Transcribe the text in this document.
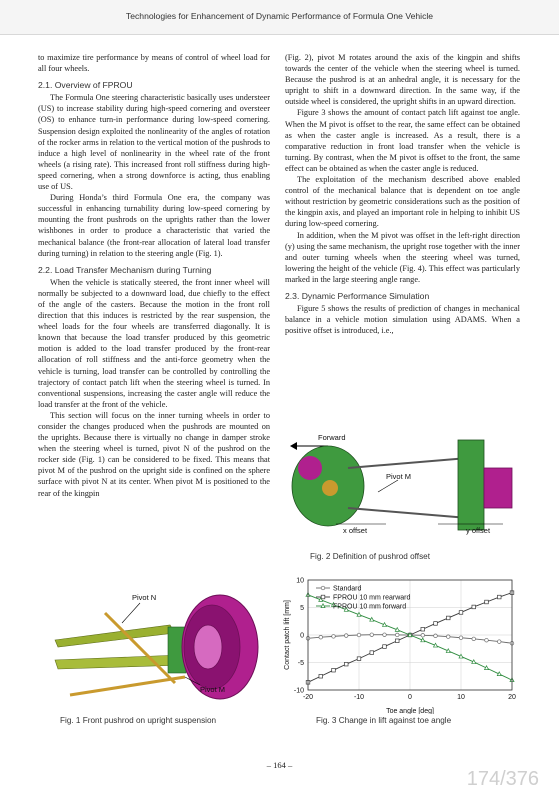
Technologies for Enhancement of Dynamic Performance of Formula One Vehicle

to maximize tire performance by means of control of wheel load for all four wheels.

2.1. Overview of FPROU

The Formula One steering characteristic basically uses understeer (US) to increase stability during high-speed cornering and oversteer (OS) to enhance turn-in performance during low-speed cornering. Suspension design exploited the nonlinearity of the angles of rotation of the rocker arms in relation to the vertical motion of the pushrods to induce a high level of nonlinearity in the wheel rate of the front wheels (a rising rate). This increased front roll stiffness during high-speed cornering, when a strong downforce is acting, thus enabling use of US.

During Honda’s third Formula One era, the company was successful in enhancing turnability during low-speed cornering by mounting the front pushrods on the uprights rather than the lower wishbones in order to produce a characteristic that varied the mechanical balance (the front-rear allocation of lateral load transfer during turning) in relation to the steering angle (Fig. 1).

2.2. Load Transfer Mechanism during Turning

When the vehicle is statically steered, the front inner wheel will normally be subjected to a downward load, due chiefly to the effect of the angle of the casters. Because the motion in the front roll direction that this induces is restricted by the rear suspension, the wheel loads for the four wheels are transferred diagonally. It is known that because the load transfer produced by this geometric motion is added to the load transfer produced by the front-rear allocation of roll stiffness and the anti-force geometry when the vehicle is turning, load transfer can be controlled by controlling the trajectory of contact patch lift when the steering wheel is turned. In conventional suspensions, increasing the caster angle will reduce the load transfer at the front of the vehicle.

This section will focus on the inner turning wheels in order to consider the changes produced when the pushrods are mounted on the uprights. Because there is virtually no change in damper stroke when the steering wheel is turned, pivot N of the pushrod on the rocker side (Fig. 1) can be considered to be fixed. This means that pivot M of the pushrod on the upright side is confined on the sphere surface with pivot N at its center. When pivot M is positioned to the rear of the kingpin

(Fig. 2), pivot M rotates around the axis of the kingpin and shifts towards the center of the vehicle when the steering wheel is turned. Because the pushrod is at an anhedral angle, it is necessary for the upright to shift in a downward direction. In the same way, if the outside wheel is considered, the upright shifts in an upward direction.

Figure 3 shows the amount of contact patch lift against toe angle. When the M pivot is offset to the rear, the same effect can be obtained as when the caster angle is increased. As a result, there is a comparative reduction in front load transfer when the vehicle is turning. By contrast, when the M pivot is offset to the front, the same effect can be obtained as when the caster angle is reduced.

The exploitation of the mechanism described above enabled control of the mechanical balance that is dependent on toe angle without restriction by geometric considerations such as the position of the kingpin axis, and played an important role in helping to inhibit US during low-speed cornering.

In addition, when the M pivot was offset in the left-right direction (y) using the same mechanism, the upright rose together with the inner and outer turning wheels when the steering wheel was turned, lowering the height of the vehicle (Fig. 4). This effect was particularly marked in the large steering angle range.

2.3. Dynamic Performance Simulation

Figure 5 shows the results of prediction of changes in mechanical balance in a vehicle motion simulation using ADAMS. When a positive offset is introduced, i.e.,

Pivot N
Pivot M
Fig. 1 Front pushrod on upright suspension
Forward
Pivot M
x offset	y offset
Fig. 2 Definition of pushrod offset
-20	-10	0	10	20
-10
-5
0
5
10
Toe angle [deg]
Contact patch lift [mm]
Standard
FPROU 10 mm rearward
FPROU 10 mm forward
Fig. 3 Change in lift against toe angle
– 164 –
174/376
